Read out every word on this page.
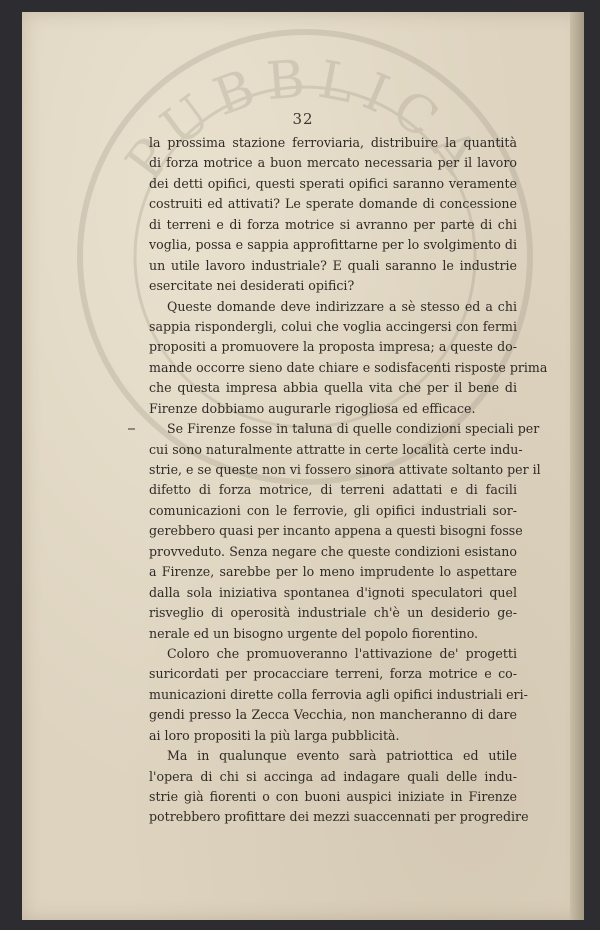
PUBBLICA
32
la prossima stazione ferroviaria, distribuire la quantità
di forza motrice a buon mercato necessaria per il lavoro
dei detti opifici, questi sperati opifici saranno veramente
costruiti ed attivati? Le sperate domande di concessione
di terreni e di forza motrice si avranno per parte di chi
voglia, possa e sappia approfittarne per lo svolgimento di
un utile lavoro industriale? E quali saranno le industrie
esercitate nei desiderati opifici?
Queste domande deve indirizzare a sè stesso ed a chi
sappia rispondergli, colui che voglia accingersi con fermi
propositi a promuovere la proposta impresa; a queste do-
mande occorre sieno date chiare e sodisfacenti risposte prima
che questa impresa abbia quella vita che per il bene di
Firenze dobbiamo augurarle rigogliosa ed efficace.
Se Firenze fosse in taluna di quelle condizioni speciali per
cui sono naturalmente attratte in certe località certe indu-
strie, e se queste non vi fossero sinora attivate soltanto per il
difetto di forza motrice, di terreni adattati e di facili
comunicazioni con le ferrovie, gli opifici industriali sor-
gerebbero quasi per incanto appena a questi bisogni fosse
provveduto. Senza negare che queste condizioni esistano
a Firenze, sarebbe per lo meno imprudente lo aspettare
dalla sola iniziativa spontanea d'ignoti speculatori quel
risveglio di operosità industriale ch'è un desiderio ge-
nerale ed un bisogno urgente del popolo fiorentino.
Coloro che promuoveranno l'attivazione de' progetti
suricordati per procacciare terreni, forza motrice e co-
municazioni dirette colla ferrovia agli opifici industriali eri-
gendi presso la Zecca Vecchia, non mancheranno di dare
ai loro propositi la più larga pubblicità.
Ma in qualunque evento sarà patriottica ed utile
l'opera di chi si accinga ad indagare quali delle indu-
strie già fiorenti o con buoni auspici iniziate in Firenze
potrebbero profittare dei mezzi suaccennati per progredire
